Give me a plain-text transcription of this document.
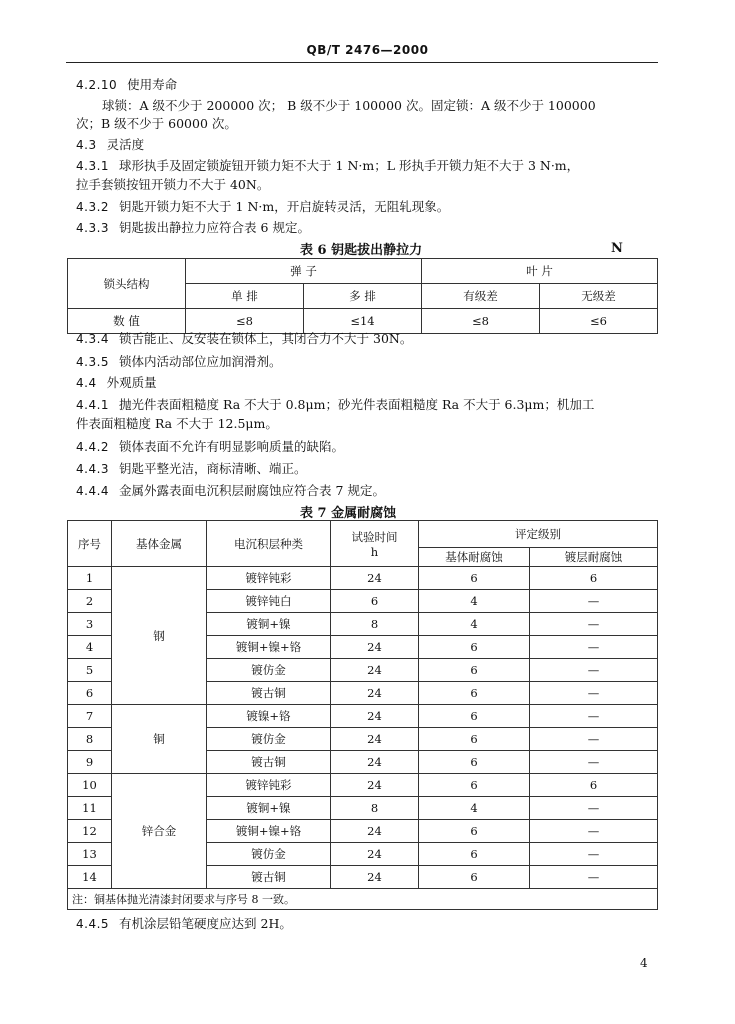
QB/T 2476—2000
4.2.10 使用寿命
球锁：A 级不少于 200000 次； B 级不少于 100000 次。固定锁：A 级不少于 100000
次；B 级不少于 60000 次。
4.3 灵活度
4.3.1 球形执手及固定锁旋钮开锁力矩不大于 1 N·m；L 形执手开锁力矩不大于 3 N·m，
拉手套锁按钮开锁力不大于 40N。
4.3.2 钥匙开锁力矩不大于 1 N·m，开启旋转灵活，无阻轧现象。
4.3.3 钥匙拔出静拉力应符合表 6 规定。
表 6 钥匙拔出静拉力	N
锁头结构	弹 子		叶 片	
	单 排	多 排	有级差	无级差
数 值	≤8	≤14	≤8	≤6
4.3.4 锁舌能正、反安装在锁体上，其闭合力不大于 30N。
4.3.5 锁体内活动部位应加润滑剂。
4.4 外观质量
4.4.1 抛光件表面粗糙度 Ra 不大于 0.8μm；砂光件表面粗糙度 Ra 不大于 6.3μm；机加工
件表面粗糙度 Ra 不大于 12.5μm。
4.4.2 锁体表面不允许有明显影响质量的缺陷。
4.4.3 钥匙平整光洁，商标清晰、端正。
4.4.4 金属外露表面电沉积层耐腐蚀应符合表 7 规定。
表 7 金属耐腐蚀
序号	基体金属	电沉积层种类	试验时间
h	评定级别	
				基体耐腐蚀	镀层耐腐蚀
1	钢	镀锌钝彩	24	6	6
2		镀锌钝白	6	4	—
3		镀铜+镍	8	4	—
4		镀铜+镍+铬	24	6	—
5		镀仿金	24	6	—
6		镀古铜	24	6	—
7	铜	镀镍+铬	24	6	—
8		镀仿金	24	6	—
9		镀古铜	24	6	—
10	锌合金	镀锌钝彩	24	6	6
11		镀铜+镍	8	4	—
12		镀铜+镍+铬	24	6	—
13		镀仿金	24	6	—
14		镀古铜	24	6	—
注：铜基体抛光清漆封闭要求与序号 8 一致。					
4.4.5 有机涂层铅笔硬度应达到 2H。
4
